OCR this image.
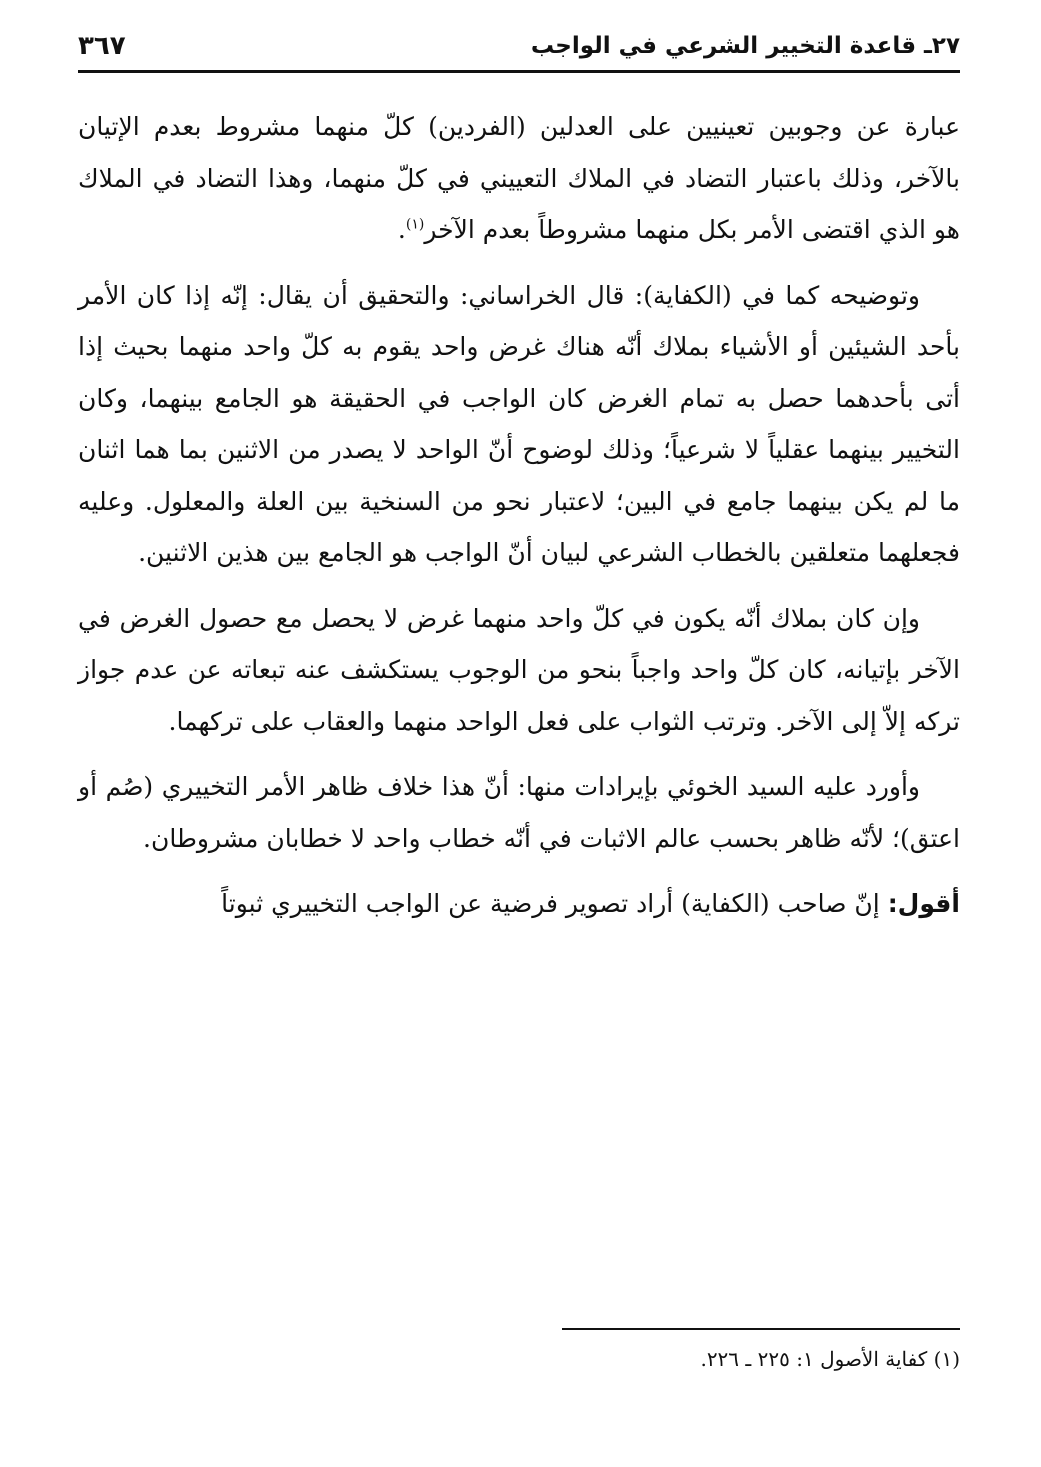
٢٧ـ قاعدة التخيير الشرعي في الواجب
٣٦٧

عبارة عن وجوبين تعينيين على العدلين (الفردين) كلّ منهما مشروط بعدم الإتيان بالآخر، وذلك باعتبار التضاد في الملاك التعييني في كلّ منهما، وهذا التضاد في الملاك هو الذي اقتضى الأمر بكل منهما مشروطاً بعدم الآخر$^{(١)}$.

وتوضيحه كما في (الكفاية): قال الخراساني: والتحقيق أن يقال: إنّه إذا كان الأمر بأحد الشيئين أو الأشياء بملاك أنّه هناك غرض واحد يقوم به كلّ واحد منهما بحيث إذا أتى بأحدهما حصل به تمام الغرض كان الواجب في الحقيقة هو الجامع بينهما، وكان التخيير بينهما عقلياً لا شرعياً؛ وذلك لوضوح أنّ الواحد لا يصدر من الاثنين بما هما اثنان ما لم يكن بينهما جامع في البين؛ لاعتبار نحو من السنخية بين العلة والمعلول. وعليه فجعلهما متعلقين بالخطاب الشرعي لبيان أنّ الواجب هو الجامع بين هذين الاثنين.

وإن كان بملاك أنّه يكون في كلّ واحد منهما غرض لا يحصل مع حصول الغرض في الآخر بإتيانه، كان كلّ واحد واجباً بنحو من الوجوب يستكشف عنه تبعاته عن عدم جواز تركه إلاّ إلى الآخر. وترتب الثواب على فعل الواحد منهما والعقاب على تركهما.

وأورد عليه السيد الخوئي بإيرادات منها: أنّ هذا خلاف ظاهر الأمر التخييري (صُم أو اعتق)؛ لأنّه ظاهر بحسب عالم الاثبات في أنّه خطاب واحد لا خطابان مشروطان.

أقول: إنّ صاحب (الكفاية) أراد تصوير فرضية عن الواجب التخييري ثبوتاً

(١) كفاية الأصول ١: ٢٢٥ ـ ٢٢٦.
